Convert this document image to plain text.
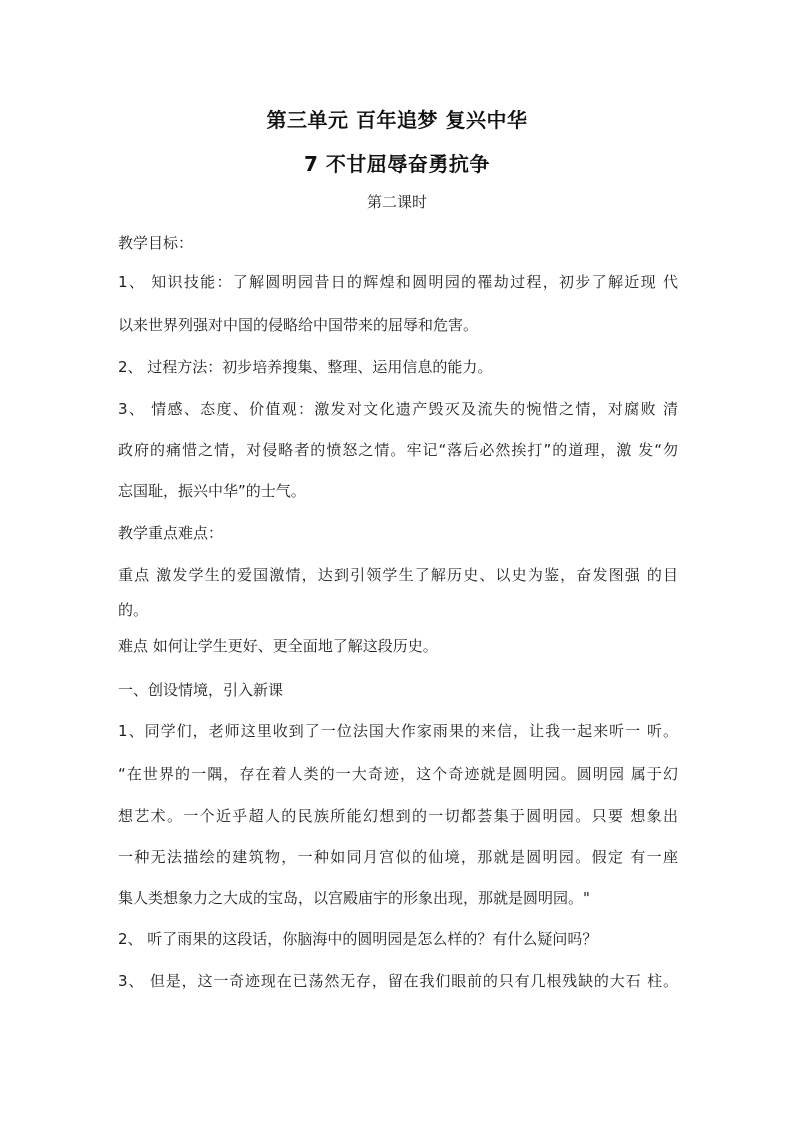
第三单元 百年追梦 复兴中华
7 不甘屈辱奋勇抗争
第二课时
教学目标：
1、 知识技能：了解圆明园昔日的辉煌和圆明园的罹劫过程，初步了解近现 代
以来世界列强对中国的侵略给中国带来的屈辱和危害。
2、 过程方法：初步培养搜集、整理、运用信息的能力。
3、 情感、态度、价值观：激发对文化遗产毁灭及流失的惋惜之情，对腐败 清
政府的痛惜之情，对侵略者的愤怒之情。牢记“落后必然挨打”的道理，激 发“勿
忘国耻，振兴中华”的士气。
教学重点难点：
重点 激发学生的爱国激情，达到引领学生了解历史、以史为鉴，奋发图强 的目
的。
难点 如何让学生更好、更全面地了解这段历史。
一、创设情境，引入新课
1、同学们，老师这里收到了一位法国大作家雨果的来信，让我一起来听一 听。
“在世界的一隅，存在着人类的一大奇迹，这个奇迹就是圆明园。圆明园 属于幻
想艺术。一个近乎超人的民族所能幻想到的一切都荟集于圆明园。只要 想象出
一种无法描绘的建筑物，一种如同月宫似的仙境，那就是圆明园。假定 有一座
集人类想象力之大成的宝岛，以宫殿庙宇的形象出现，那就是圆明园。"
2、 听了雨果的这段话，你脑海中的圆明园是怎么样的？有什么疑问吗？
3、 但是，这一奇迹现在已荡然无存，留在我们眼前的只有几根残缺的大石 柱。
